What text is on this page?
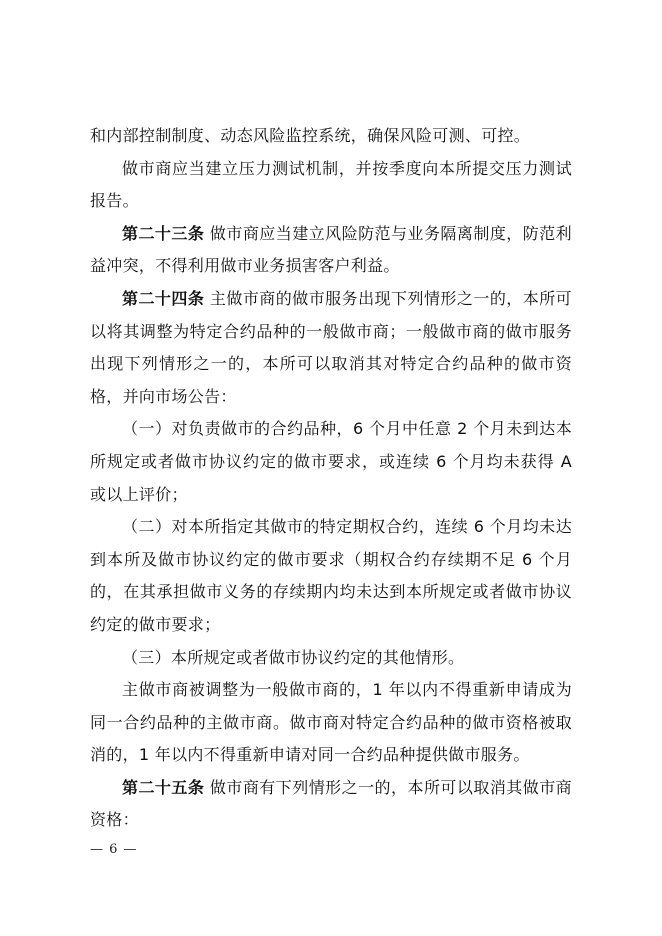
和内部控制制度、动态风险监控系统，确保风险可测、可控。

做市商应当建立压力测试机制，并按季度向本所提交压力测试报告。

第二十三条 做市商应当建立风险防范与业务隔离制度，防范利益冲突，不得利用做市业务损害客户利益。

第二十四条 主做市商的做市服务出现下列情形之一的，本所可以将其调整为特定合约品种的一般做市商；一般做市商的做市服务出现下列情形之一的，本所可以取消其对特定合约品种的做市资格，并向市场公告：

（一）对负责做市的合约品种，6 个月中任意 2 个月未到达本所规定或者做市协议约定的做市要求，或连续 6 个月均未获得 A 或以上评价；

（二）对本所指定其做市的特定期权合约，连续 6 个月均未达到本所及做市协议约定的做市要求（期权合约存续期不足 6 个月的，在其承担做市义务的存续期内均未达到本所规定或者做市协议约定的做市要求；

（三）本所规定或者做市协议约定的其他情形。

主做市商被调整为一般做市商的，1 年以内不得重新申请成为同一合约品种的主做市商。做市商对特定合约品种的做市资格被取消的，1 年以内不得重新申请对同一合约品种提供做市服务。

第二十五条 做市商有下列情形之一的，本所可以取消其做市商资格：

— 6 —
